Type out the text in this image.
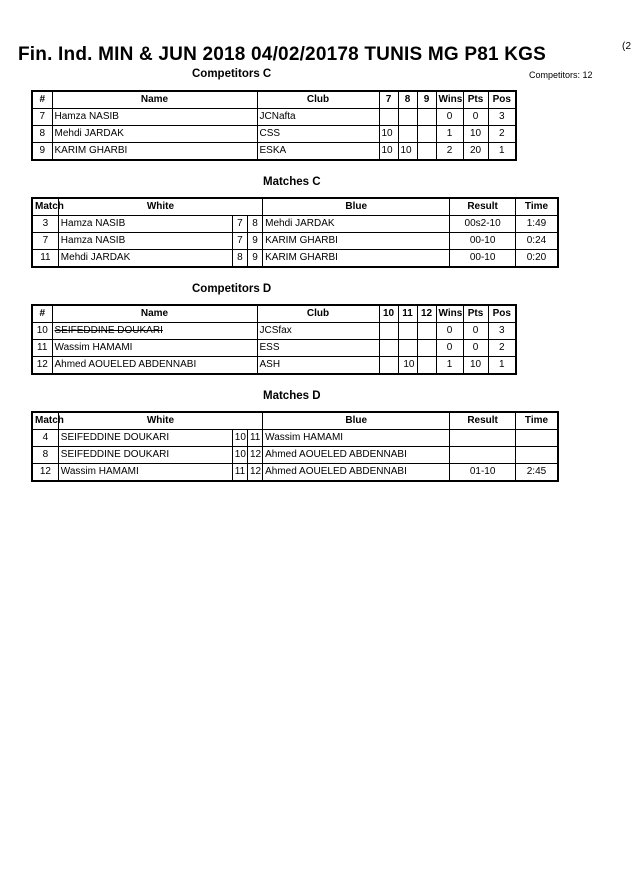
Fin. Ind. MIN & JUN 2018 04/02/20178 TUNIS MG P81 KGS	(2
Competitors C	Competitors: 12
#	Name	Club	7	8	9	Wins	Pts	Pos
7	Hamza NASIB	JCNafta				0	0	3
8	Mehdi JARDAK	CSS	10			1	10	2
9	KARIM GHARBI	ESKA	10	10		2	20	1
Matches C
Match	White			Blue	Result	Time
3	Hamza NASIB	7	8	Mehdi JARDAK	00s2-10	1:49
7	Hamza NASIB	7	9	KARIM GHARBI	00-10	0:24
11	Mehdi JARDAK	8	9	KARIM GHARBI	00-10	0:20
Competitors D
#	Name	Club	10	11	12	Wins	Pts	Pos
10	SEIFEDDINE DOUKARI	JCSfax				0	0	3
11	Wassim HAMAMI	ESS				0	0	2
12	Ahmed AOUELED ABDENNABI	ASH		10		1	10	1
Matches D
Match	White			Blue	Result	Time
4	SEIFEDDINE DOUKARI	10	11	Wassim HAMAMI		
8	SEIFEDDINE DOUKARI	10	12	Ahmed AOUELED ABDENNABI		
12	Wassim HAMAMI	11	12	Ahmed AOUELED ABDENNABI	01-10	2:45
